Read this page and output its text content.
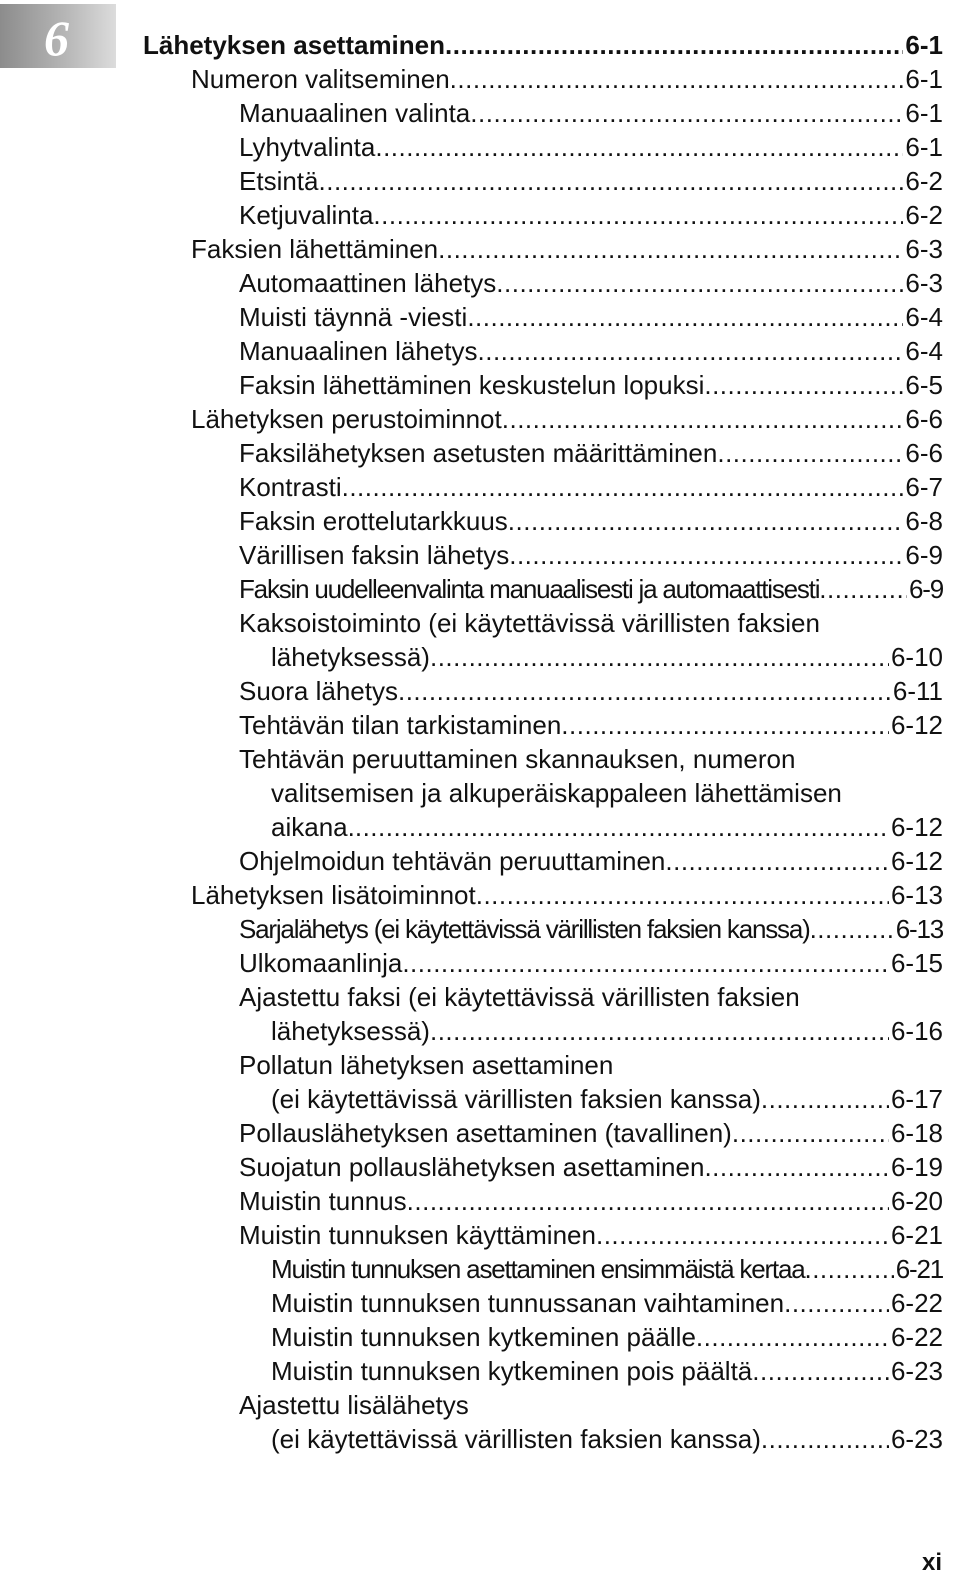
6	Lähetyksen asettaminen .....	6-1
Numeron valitseminen .....	6-1
Manuaalinen valinta .....	6-1
Lyhytvalinta .....	6-1
Etsintä .....	6-2
Ketjuvalinta .....	6-2
Faksien lähettäminen .....	6-3
Automaattinen lähetys .....	6-3
Muisti täynnä -viesti .....	6-4
Manuaalinen lähetys .....	6-4
Faksin lähettäminen keskustelun lopuksi .....	6-5
Lähetyksen perustoiminnot .....	6-6
Faksilähetyksen asetusten määrittäminen .....	6-6
Kontrasti .....	6-7
Faksin erottelutarkkuus .....	6-8
Värillisen faksin lähetys .....	6-9
Faksin uudelleenvalinta manuaalisesti ja automaattisesti .....	6-9
Kaksoistoiminto (ei käytettävissä värillisten faksien
lähetyksessä) .....	6-10
Suora lähetys .....	6-11
Tehtävän tilan tarkistaminen .....	6-12
Tehtävän peruuttaminen skannauksen, numeron
valitsemisen ja alkuperäiskappaleen lähettämisen
aikana. .....	6-12
Ohjelmoidun tehtävän peruuttaminen .....	6-12
Lähetyksen lisätoiminnot .....	6-13
Sarjalähetys (ei käytettävissä värillisten faksien kanssa) .....	6-13
Ulkomaanlinja .....	6-15
Ajastettu faksi (ei käytettävissä värillisten faksien
lähetyksessä) .....	6-16
Pollatun lähetyksen asettaminen
(ei käytettävissä värillisten faksien kanssa) .....	6-17
Pollauslähetyksen asettaminen (tavallinen) .....	6-18
Suojatun pollauslähetyksen asettaminen .....	6-19
Muistin tunnus .....	6-20
Muistin tunnuksen käyttäminen .....	6-21
Muistin tunnuksen asettaminen ensimmäistä kertaa .....	6-21
Muistin tunnuksen tunnussanan vaihtaminen .....	6-22
Muistin tunnuksen kytkeminen päälle .....	6-22
Muistin tunnuksen kytkeminen pois päältä .....	6-23
Ajastettu lisälähetys
(ei käytettävissä värillisten faksien kanssa) .....	6-23
xi
